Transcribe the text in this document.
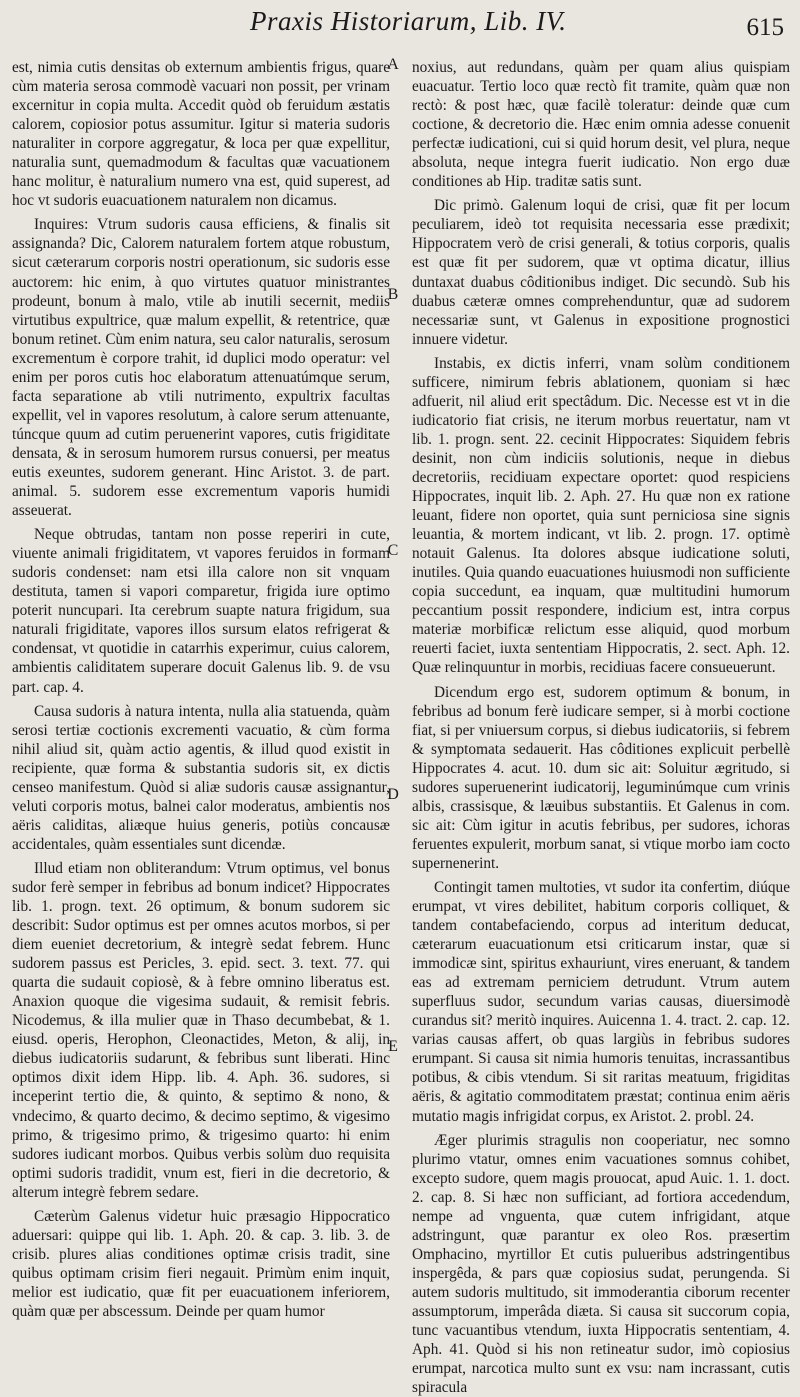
Praxis Historiarum, Lib. IV.	615

est, nimia cutis densitas ob externum ambientis frigus, quare cùm materia serosa commodè vacuari non possit, per vrinam excernitur in copia multa. Accedit quòd ob feruidum æstatis calorem, copiosior potus assumitur. Igitur si materia sudoris naturaliter in corpore aggregatur, & loca per quæ expellitur, naturalia sunt, quemadmodum & facultas quæ vacuationem hanc molitur, è naturalium numero vna est, quid superest, ad hoc vt sudoris euacuationem naturalem non dicamus.

Inquires: Vtrum sudoris causa efficiens, & finalis sit assignanda? Dic, Calorem naturalem fortem atque robustum, sicut cæterarum corporis nostri operationum, sic sudoris esse auctorem: hic enim, à quo virtutes quatuor ministrantes prodeunt, bonum à malo, vtile ab inutili secernit, mediis virtutibus expultrice, quæ malum expellit, & retentrice, quæ bonum retinet. Cùm enim natura, seu calor naturalis, serosum excrementum è corpore trahit, id duplici modo operatur: vel enim per poros cutis hoc elaboratum attenuatúmque serum, facta separatione ab vtili nutrimento, expultrix facultas expellit, vel in vapores resolutum, à calore serum attenuante, túncque quum ad cutim peruenerint vapores, cutis frigiditate densata, & in serosum humorem rursus conuersi, per meatus eutis exeuntes, sudorem generant. Hinc Aristot. 3. de part. animal. 5. sudorem esse excrementum vaporis humidi asseuerat.

Neque obtrudas, tantam non posse reperiri in cute, viuente animali frigiditatem, vt vapores feruidos in formam sudoris condenset: nam etsi illa calore non sit vnquam destituta, tamen si vapori comparetur, frigida iure optimo poterit nuncupari. Ita cerebrum suapte natura frigidum, sua naturali frigiditate, vapores illos sursum elatos refrigerat & condensat, vt quotidie in catarrhis experimur, cuius calorem, ambientis caliditatem superare docuit Galenus lib. 9. de vsu part. cap. 4.

Causa sudoris à natura intenta, nulla alia statuenda, quàm serosi tertiæ coctionis excrementi vacuatio, & cùm forma nihil aliud sit, quàm actio agentis, & illud quod existit in recipiente, quæ forma & substantia sudoris sit, ex dictis censeo manifestum. Quòd si aliæ sudoris causæ assignantur, veluti corporis motus, balnei calor moderatus, ambientis nos aëris caliditas, aliæque huius generis, potiùs concausæ accidentales, quàm essentiales sunt dicendæ.

Illud etiam non obliterandum: Vtrum optimus, vel bonus sudor ferè semper in febribus ad bonum indicet? Hippocrates lib. 1. progn. text. 26 optimum, & bonum sudorem sic describit: Sudor optimus est per omnes acutos morbos, si per diem eueniet decretorium, & integrè sedat febrem. Hunc sudorem passus est Pericles, 3. epid. sect. 3. text. 77. qui quarta die sudauit copiosè, & à febre omnino liberatus est. Anaxion quoque die vigesima sudauit, & remisit febris. Nicodemus, & illa mulier quæ in Thaso decumbebat, & 1. eiusd. operis, Herophon, Cleonactides, Meton, & alij, in diebus iudicatoriis sudarunt, & febribus sunt liberati. Hinc optimos dixit idem Hipp. lib. 4. Aph. 36. sudores, si inceperint tertio die, & quinto, & septimo & nono, & vndecimo, & quarto decimo, & decimo septimo, & vigesimo primo, & trigesimo primo, & trigesimo quarto: hi enim sudores iudicant morbos. Quibus verbis solùm duo requisita optimi sudoris tradidit, vnum est, fieri in die decretorio, & alterum integrè febrem sedare.

Cæterùm Galenus videtur huic præsagio Hippocratico aduersari: quippe qui lib. 1. Aph. 20. & cap. 3. lib. 3. de crisib. plures alias conditiones optimæ crisis tradit, sine quibus optimam crisim fieri negauit. Primùm enim inquit, melior est iudicatio, quæ fit per euacuationem inferiorem, quàm quæ per abscessum. Deinde per quam humor

A
B
C
D
E

noxius, aut redundans, quàm per quam alius quispiam euacuatur. Tertio loco quæ rectò fit tramite, quàm quæ non rectò: & post hæc, quæ facilè toleratur: deinde quæ cum coctione, & decretorio die. Hæc enim omnia adesse conuenit perfectæ iudicationi, cui si quid horum desit, vel plura, neque absoluta, neque integra fuerit iudicatio. Non ergo duæ conditiones ab Hip. traditæ satis sunt.

Dic primò. Galenum loqui de crisi, quæ fit per locum peculiarem, ideò tot requisita necessaria esse prædixit; Hippocratem verò de crisi generali, & totius corporis, qualis est quæ fit per sudorem, quæ vt optima dicatur, illius duntaxat duabus côditionibus indiget. Dic secundò. Sub his duabus cæteræ omnes comprehenduntur, quæ ad sudorem necessariæ sunt, vt Galenus in expositione prognostici innuere videtur.

Instabis, ex dictis inferri, vnam solùm conditionem sufficere, nimirum febris ablationem, quoniam si hæc adfuerit, nil aliud erit spectâdum. Dic. Necesse est vt in die iudicatorio fiat crisis, ne iterum morbus reuertatur, nam vt lib. 1. progn. sent. 22. cecinit Hippocrates: Siquidem febris desinit, non cùm indiciis solutionis, neque in diebus decretoriis, recidiuam expectare oportet: quod respiciens Hippocrates, inquit lib. 2. Aph. 27. Hu quæ non ex ratione leuant, fidere non oportet, quia sunt perniciosa sine signis leuantia, & mortem indicant, vt lib. 2. progn. 17. optimè notauit Galenus. Ita dolores absque iudicatione soluti, inutiles. Quia quando euacuationes huiusmodi non sufficiente copia succedunt, ea inquam, quæ multitudini humorum peccantium possit respondere, indicium est, intra corpus materiæ morbificæ relictum esse aliquid, quod morbum reuerti faciet, iuxta sententiam Hippocratis, 2. sect. Aph. 12. Quæ relinquuntur in morbis, recidiuas facere consueuerunt.

Dicendum ergo est, sudorem optimum & bonum, in febribus ad bonum ferè iudicare semper, si à morbi coctione fiat, si per vniuersum corpus, si diebus iudicatoriis, si febrem & symptomata sedauerit. Has côditiones explicuit perbellè Hippocrates 4. acut. 10. dum sic ait: Soluitur ægritudo, si sudores superuenerint iudicatorij, leguminúmque cum vrinis albis, crassisque, & læuibus substantiis. Et Galenus in com. sic ait: Cùm igitur in acutis febribus, per sudores, ichoras feruentes expulerit, morbum sanat, si vtique morbo iam cocto supernenerint.

Contingit tamen multoties, vt sudor ita confertim, diúque erumpat, vt vires debilitet, habitum corporis colliquet, & tandem contabefaciendo, corpus ad interitum deducat, cæterarum euacuationum etsi criticarum instar, quæ si immodicæ sint, spiritus exhauriunt, vires eneruant, & tandem eas ad extremam perniciem detrudunt. Vtrum autem superfluus sudor, secundum varias causas, diuersimodè curandus sit? meritò inquires. Auicenna 1. 4. tract. 2. cap. 12. varias causas affert, ob quas largiùs in febribus sudores erumpant. Si causa sit nimia humoris tenuitas, incrassantibus potibus, & cibis vtendum. Si sit raritas meatuum, frigiditas aëris, & agitatio commoditatem præstat; continua enim aëris mutatio magis infrigidat corpus, ex Aristot. 2. probl. 24.

Æger plurimis stragulis non cooperiatur, nec somno plurimo vtatur, omnes enim vacuationes somnus cohibet, excepto sudore, quem magis prouocat, apud Auic. 1. 1. doct. 2. cap. 8. Si hæc non sufficiant, ad fortiora accedendum, nempe ad vnguenta, quæ cutem infrigidant, atque adstringunt, quæ parantur ex oleo Ros. præsertim Omphacino, myrtillor Et cutis pulueribus adstringentibus inspergêda, & pars quæ copiosius sudat, perungenda. Si autem sudoris multitudo, sit immoderantia ciborum recenter assumptorum, imperâda diæta. Si causa sit succorum copia, tunc vacuantibus vtendum, iuxta Hippocratis sententiam, 4. Aph. 41. Quòd si his non retineatur sudor, imò copiosius erumpat, narcotica multo sunt ex vsu: nam incrassant, cutis spiracula
